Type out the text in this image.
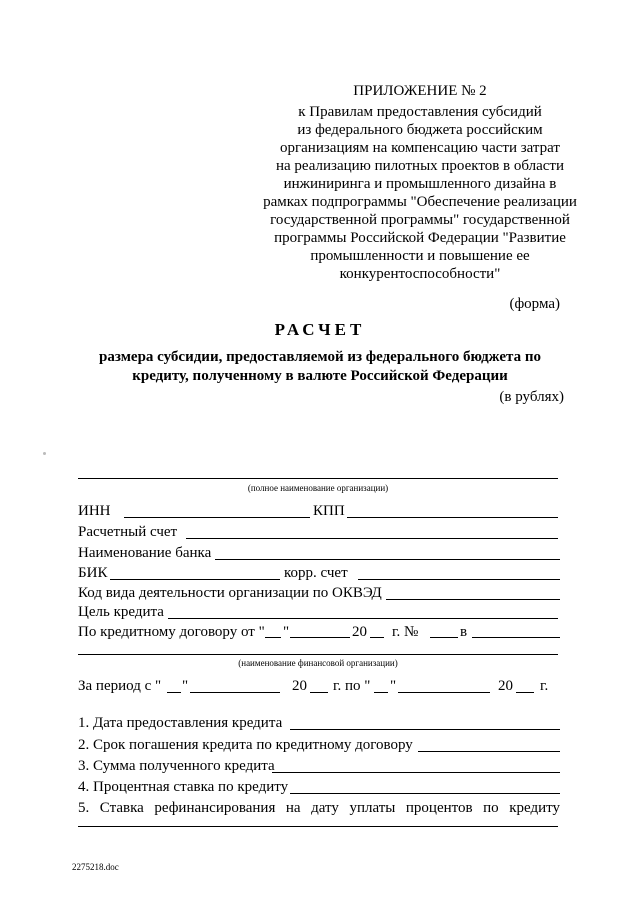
ПРИЛОЖЕНИЕ № 2
к Правилам предоставления субсидий
из федерального бюджета российским
организациям на компенсацию части затрат
на реализацию пилотных проектов в области
инжиниринга и промышленного дизайна в
рамках подпрограммы "Обеспечение реализации
государственной программы" государственной
программы Российской Федерации "Развитие
промышленности и повышение ее
конкурентоспособности"
(форма)
РАСЧЕТ
размера субсидии, предоставляемой из федерального бюджета по
кредиту, полученному в валюте Российской Федерации
(в рублях)
(полное наименование организации)
ИНН	КПП
Расчетный счет
Наименование банка
БИК	корр. счет
Код вида деятельности организации по ОКВЭД
Цель кредита
По кредитному договору от " "	20 г. №	в
(наименование финансовой организации)
За период с " "	20 г. по " "	20 г.
1. Дата предоставления кредита
2. Срок погашения кредита по кредитному договору
3. Сумма полученного кредита
4. Процентная ставка по кредиту
5. Ставка рефинансирования на дату уплаты процентов по кредиту
2275218.doc
